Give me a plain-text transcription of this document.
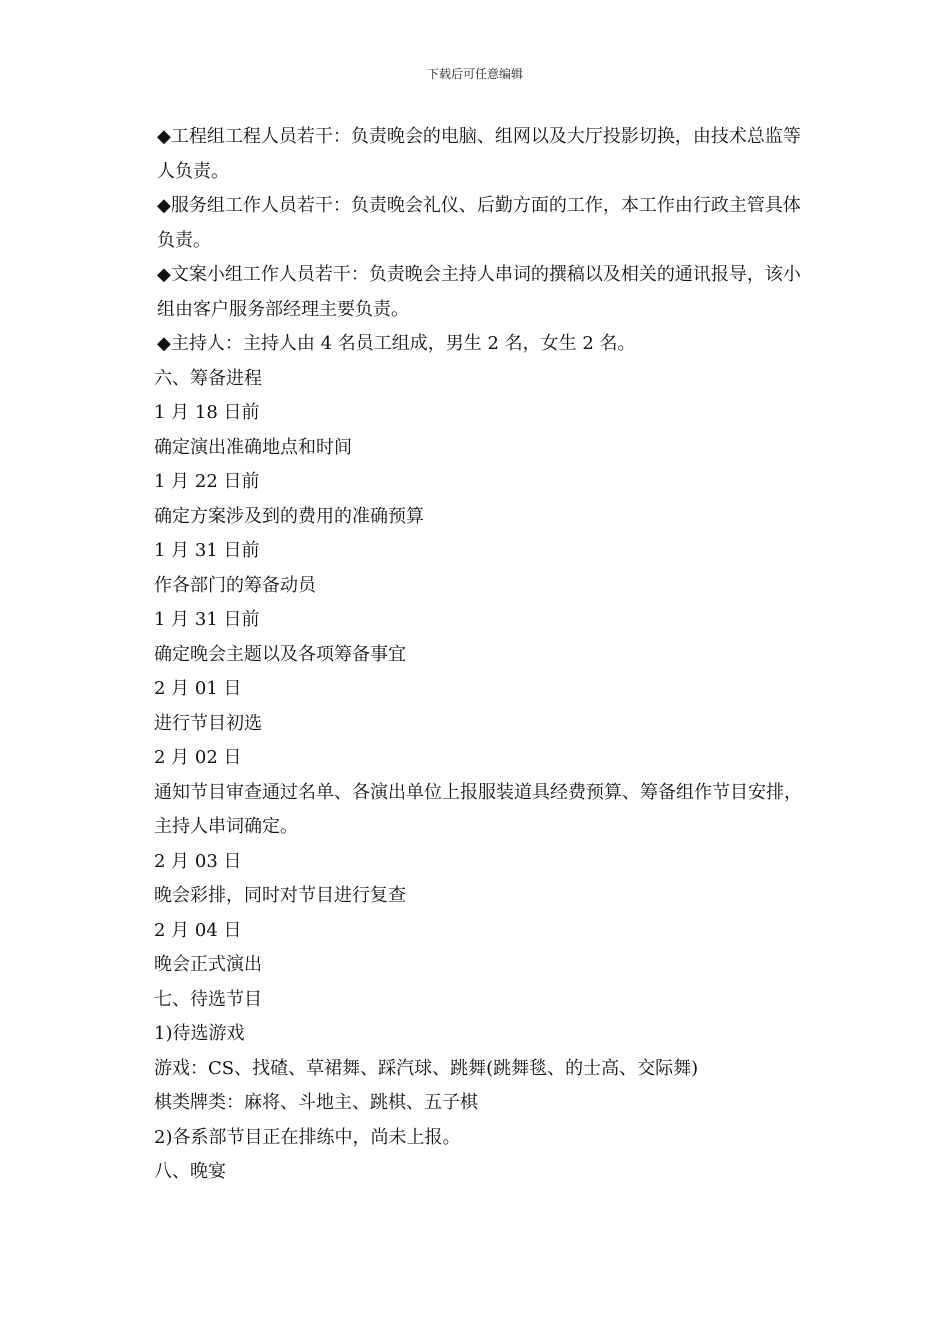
下载后可任意编辑

◆工程组工程人员若干：负责晚会的电脑、组网以及大厅投影切换，由技术总监等人负责。

◆服务组工作人员若干：负责晚会礼仪、后勤方面的工作，本工作由行政主管具体负责。

◆文案小组工作人员若干：负责晚会主持人串词的撰稿以及相关的通讯报导，该小组由客户服务部经理主要负责。

◆主持人：主持人由 4 名员工组成，男生 2 名，女生 2 名。

六、筹备进程

1 月 18 日前

确定演出准确地点和时间

1 月 22 日前

确定方案涉及到的费用的准确预算

1 月 31 日前

作各部门的筹备动员

1 月 31 日前

确定晚会主题以及各项筹备事宜

2 月 01 日

进行节目初选

2 月 02 日

通知节目审查通过名单、各演出单位上报服装道具经费预算、筹备组作节目安排，主持人串词确定。

2 月 03 日

晚会彩排，同时对节目进行复查

2 月 04 日

晚会正式演出

七、待选节目

1)待选游戏

游戏：CS、找碴、草裙舞、踩汽球、跳舞(跳舞毯、的士高、交际舞)

棋类牌类：麻将、斗地主、跳棋、五子棋

2)各系部节目正在排练中，尚未上报。

八、晚宴
